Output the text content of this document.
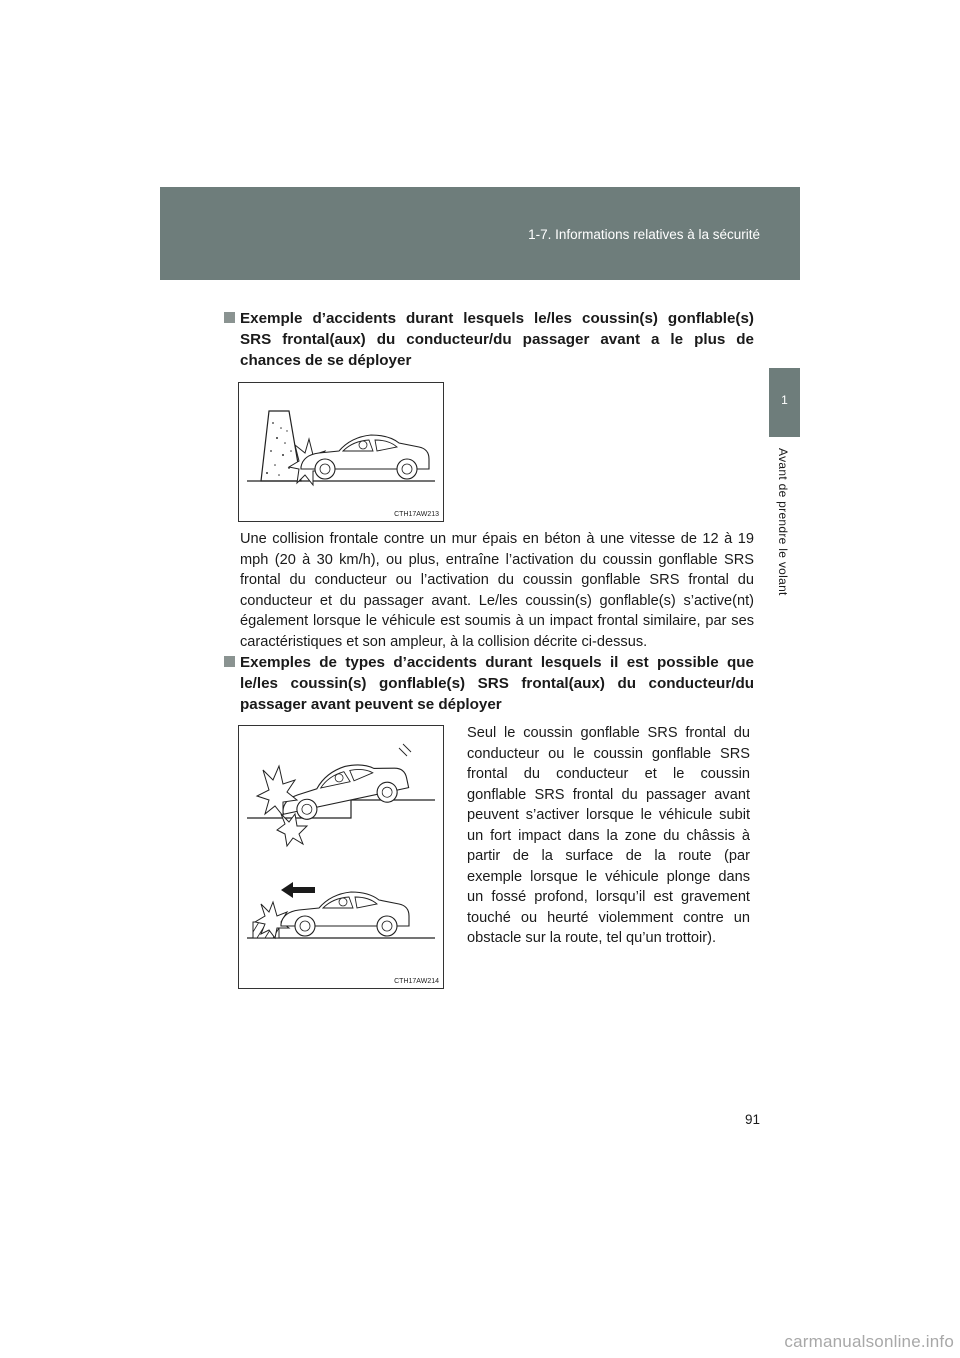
1-7. Informations relatives à la sécurité
1
Avant de prendre le volant
Exemple d’accidents durant lesquels le/les coussin(s) gonflable(s) SRS frontal(aux) du conducteur/du passager avant a le plus de chances de se déployer
CTH17AW213
Une collision frontale contre un mur épais en béton à une vitesse de 12 à 19 mph (20 à 30 km/h), ou plus, entraîne l’activation du coussin gonflable SRS frontal du conducteur ou l’activation du coussin gonflable SRS frontal du conducteur et du passager avant. Le/les coussin(s) gonflable(s) s’active(nt) également lorsque le véhicule est soumis à un impact frontal similaire, par ses caractéristiques et son ampleur, à la collision décrite ci-dessus.
Exemples de types d’accidents durant lesquels il est possible que le/les coussin(s) gonflable(s) SRS frontal(aux) du conducteur/du passager avant peuvent se déployer
CTH17AW214
Seul le coussin gonflable SRS frontal du conducteur ou le coussin gonflable SRS frontal du conducteur et le coussin gonflable SRS frontal du passager avant peuvent s’activer lorsque le véhicule subit un fort impact dans la zone du châssis à partir de la surface de la route (par exemple lorsque le véhicule plonge dans un fossé profond, lorsqu’il est gravement touché ou heurté violemment contre un obstacle sur la route, tel qu’un trottoir).
91
carmanualsonline.info
